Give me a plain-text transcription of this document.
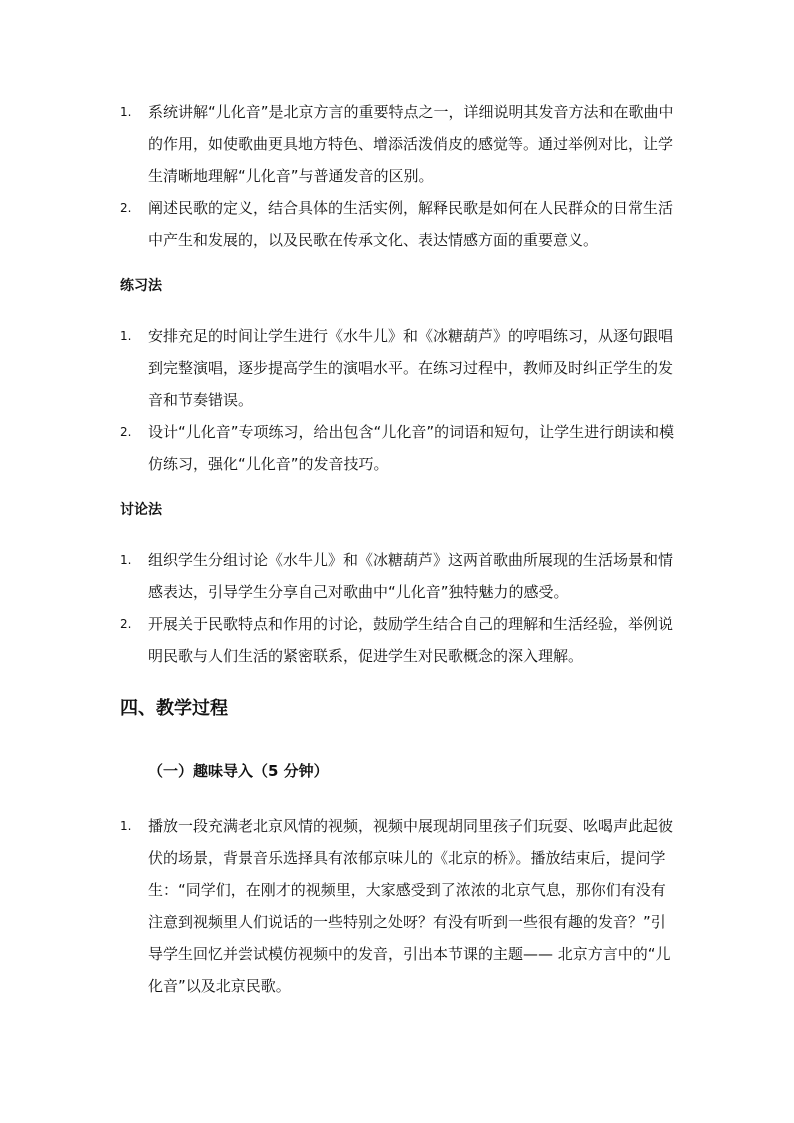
1. 系统讲解“儿化音”是北京方言的重要特点之一，详细说明其发音方法和在歌曲中的作用，如使歌曲更具地方特色、增添活泼俏皮的感觉等。通过举例对比，让学生清晰地理解“儿化音”与普通发音的区别。
2. 阐述民歌的定义，结合具体的生活实例，解释民歌是如何在人民群众的日常生活中产生和发展的，以及民歌在传承文化、表达情感方面的重要意义。
练习法
1. 安排充足的时间让学生进行《水牛儿》和《冰糖葫芦》的哼唱练习，从逐句跟唱到完整演唱，逐步提高学生的演唱水平。在练习过程中，教师及时纠正学生的发音和节奏错误。
2. 设计“儿化音”专项练习，给出包含“儿化音”的词语和短句，让学生进行朗读和模仿练习，强化“儿化音”的发音技巧。
讨论法
1. 组织学生分组讨论《水牛儿》和《冰糖葫芦》这两首歌曲所展现的生活场景和情感表达，引导学生分享自己对歌曲中“儿化音”独特魅力的感受。
2. 开展关于民歌特点和作用的讨论，鼓励学生结合自己的理解和生活经验，举例说明民歌与人们生活的紧密联系，促进学生对民歌概念的深入理解。
四、教学过程
（一）趣味导入（5 分钟）
1. 播放一段充满老北京风情的视频，视频中展现胡同里孩子们玩耍、吆喝声此起彼伏的场景，背景音乐选择具有浓郁京味儿的《北京的桥》。播放结束后，提问学生：“同学们，在刚才的视频里，大家感受到了浓浓的北京气息，那你们有没有注意到视频里人们说话的一些特别之处呀？有没有听到一些很有趣的发音？”引导学生回忆并尝试模仿视频中的发音，引出本节课的主题—— 北京方言中的“儿化音”以及北京民歌。
